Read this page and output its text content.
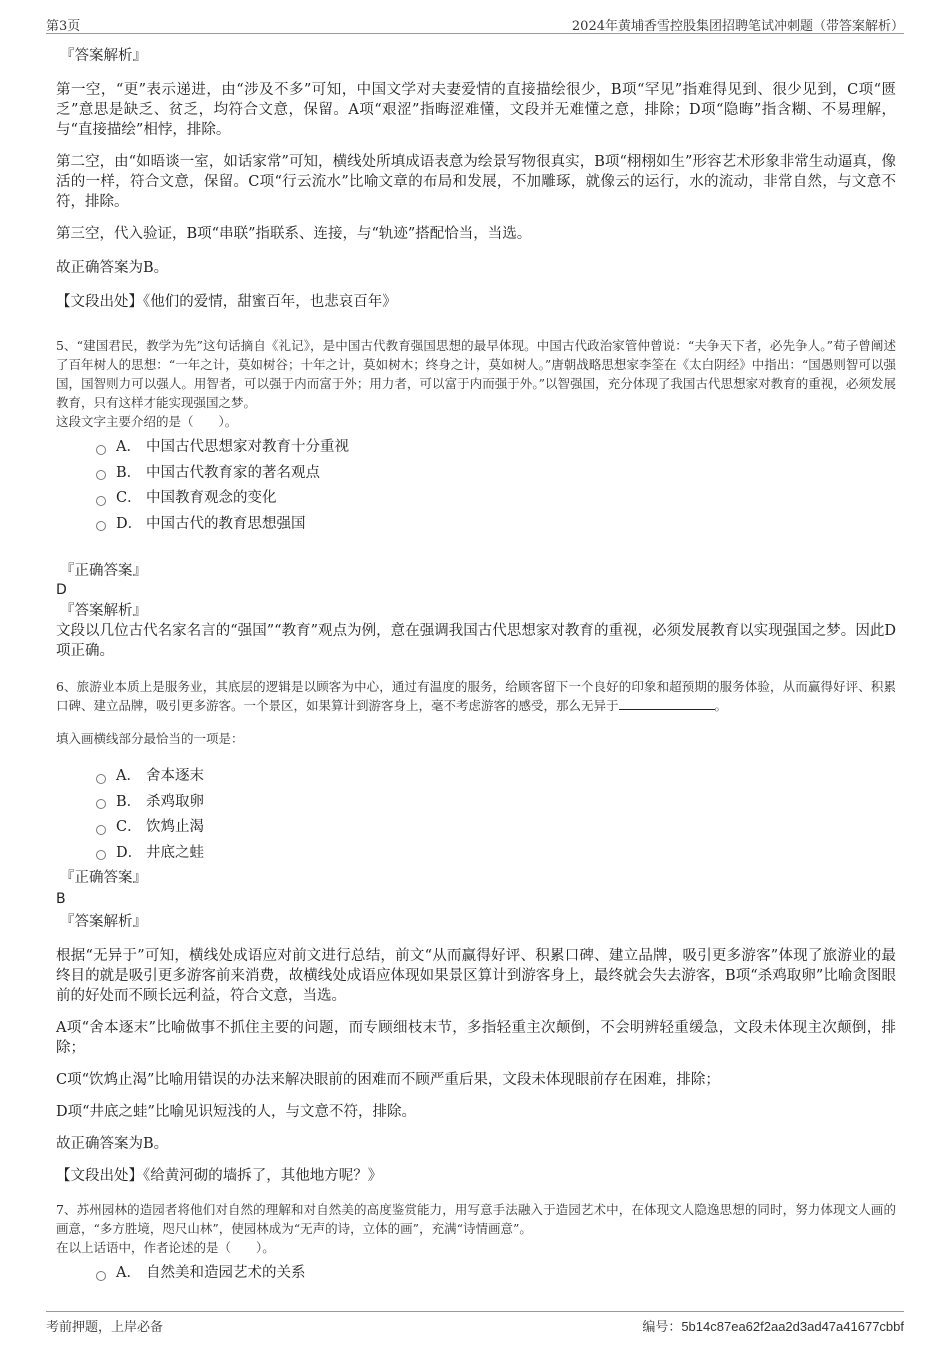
第3页	2024年黄埔香雪控股集团招聘笔试冲刺题（带答案解析）

『答案解析』

第一空，“更”表示递进，由“涉及不多”可知，中国文学对夫妻爱情的直接描绘很少，B项“罕见”指难得见到、很少见到，C项“匮乏”意思是缺乏、贫乏，均符合文意，保留。A项“艰涩”指晦涩难懂，文段并无难懂之意，排除；D项“隐晦”指含糊、不易理解，与“直接描绘”相悖，排除。

第二空，由“如晤谈一室，如话家常”可知，横线处所填成语表意为绘景写物很真实，B项“栩栩如生”形容艺术形象非常生动逼真，像活的一样，符合文意，保留。C项“行云流水”比喻文章的布局和发展，不加雕琢，就像云的运行，水的流动，非常自然，与文意不符，排除。

第三空，代入验证，B项“串联”指联系、连接，与“轨迹”搭配恰当，当选。

故正确答案为B。

【文段出处】《他们的爱情，甜蜜百年，也悲哀百年》

5、“建国君民，教学为先”这句话摘自《礼记》，是中国古代教育强国思想的最早体现。中国古代政治家管仲曾说：“夫争天下者，必先争人。”荀子曾阐述了百年树人的思想：“一年之计，莫如树谷；十年之计，莫如树木；终身之计，莫如树人。”唐朝战略思想家李筌在《太白阴经》中指出：“国愚则智可以强国，国智则力可以强人。用智者，可以强于内而富于外；用力者，可以富于内而强于外。”以智强国，充分体现了我国古代思想家对教育的重视，必须发展教育，只有这样才能实现强国之梦。

这段文字主要介绍的是（　　）。

A． 中国古代思想家对教育十分重视
B． 中国古代教育家的著名观点
C． 中国教育观念的变化
D． 中国古代的教育思想强国

『正确答案』

D

『答案解析』

文段以几位古代名家名言的“强国”“教育”观点为例，意在强调我国古代思想家对教育的重视，必须发展教育以实现强国之梦。因此D项正确。

6、旅游业本质上是服务业，其底层的逻辑是以顾客为中心，通过有温度的服务，给顾客留下一个良好的印象和超预期的服务体验，从而赢得好评、积累口碑、建立品牌，吸引更多游客。一个景区，如果算计到游客身上，毫不考虑游客的感受，那么无异于	。

填入画横线部分最恰当的一项是：

A． 舍本逐末
B． 杀鸡取卵
C． 饮鸩止渴
D． 井底之蛙

『正确答案』

B

『答案解析』

根据“无异于”可知，横线处成语应对前文进行总结，前文“从而赢得好评、积累口碑、建立品牌，吸引更多游客”体现了旅游业的最终目的就是吸引更多游客前来消费，故横线处成语应体现如果景区算计到游客身上，最终就会失去游客，B项“杀鸡取卵”比喻贪图眼前的好处而不顾长远利益，符合文意，当选。

A项“舍本逐末”比喻做事不抓住主要的问题，而专顾细枝末节，多指轻重主次颠倒，不会明辨轻重缓急，文段未体现主次颠倒，排除；

C项“饮鸩止渴”比喻用错误的办法来解决眼前的困难而不顾严重后果，文段未体现眼前存在困难，排除；

D项“井底之蛙”比喻见识短浅的人，与文意不符，排除。

故正确答案为B。

【文段出处】《给黄河砌的墙拆了，其他地方呢？》

7、苏州园林的造园者将他们对自然的理解和对自然美的高度鉴赏能力，用写意手法融入于造园艺术中，在体现文人隐逸思想的同时，努力体现文人画的画意，“多方胜境，咫尺山林”，使园林成为“无声的诗，立体的画”，充满“诗情画意”。

在以上话语中，作者论述的是（　　）。

A． 自然美和造园艺术的关系
考前押题，上岸必备	编号：5b14c87ea62f2aa2d3ad47a41677cbbf
